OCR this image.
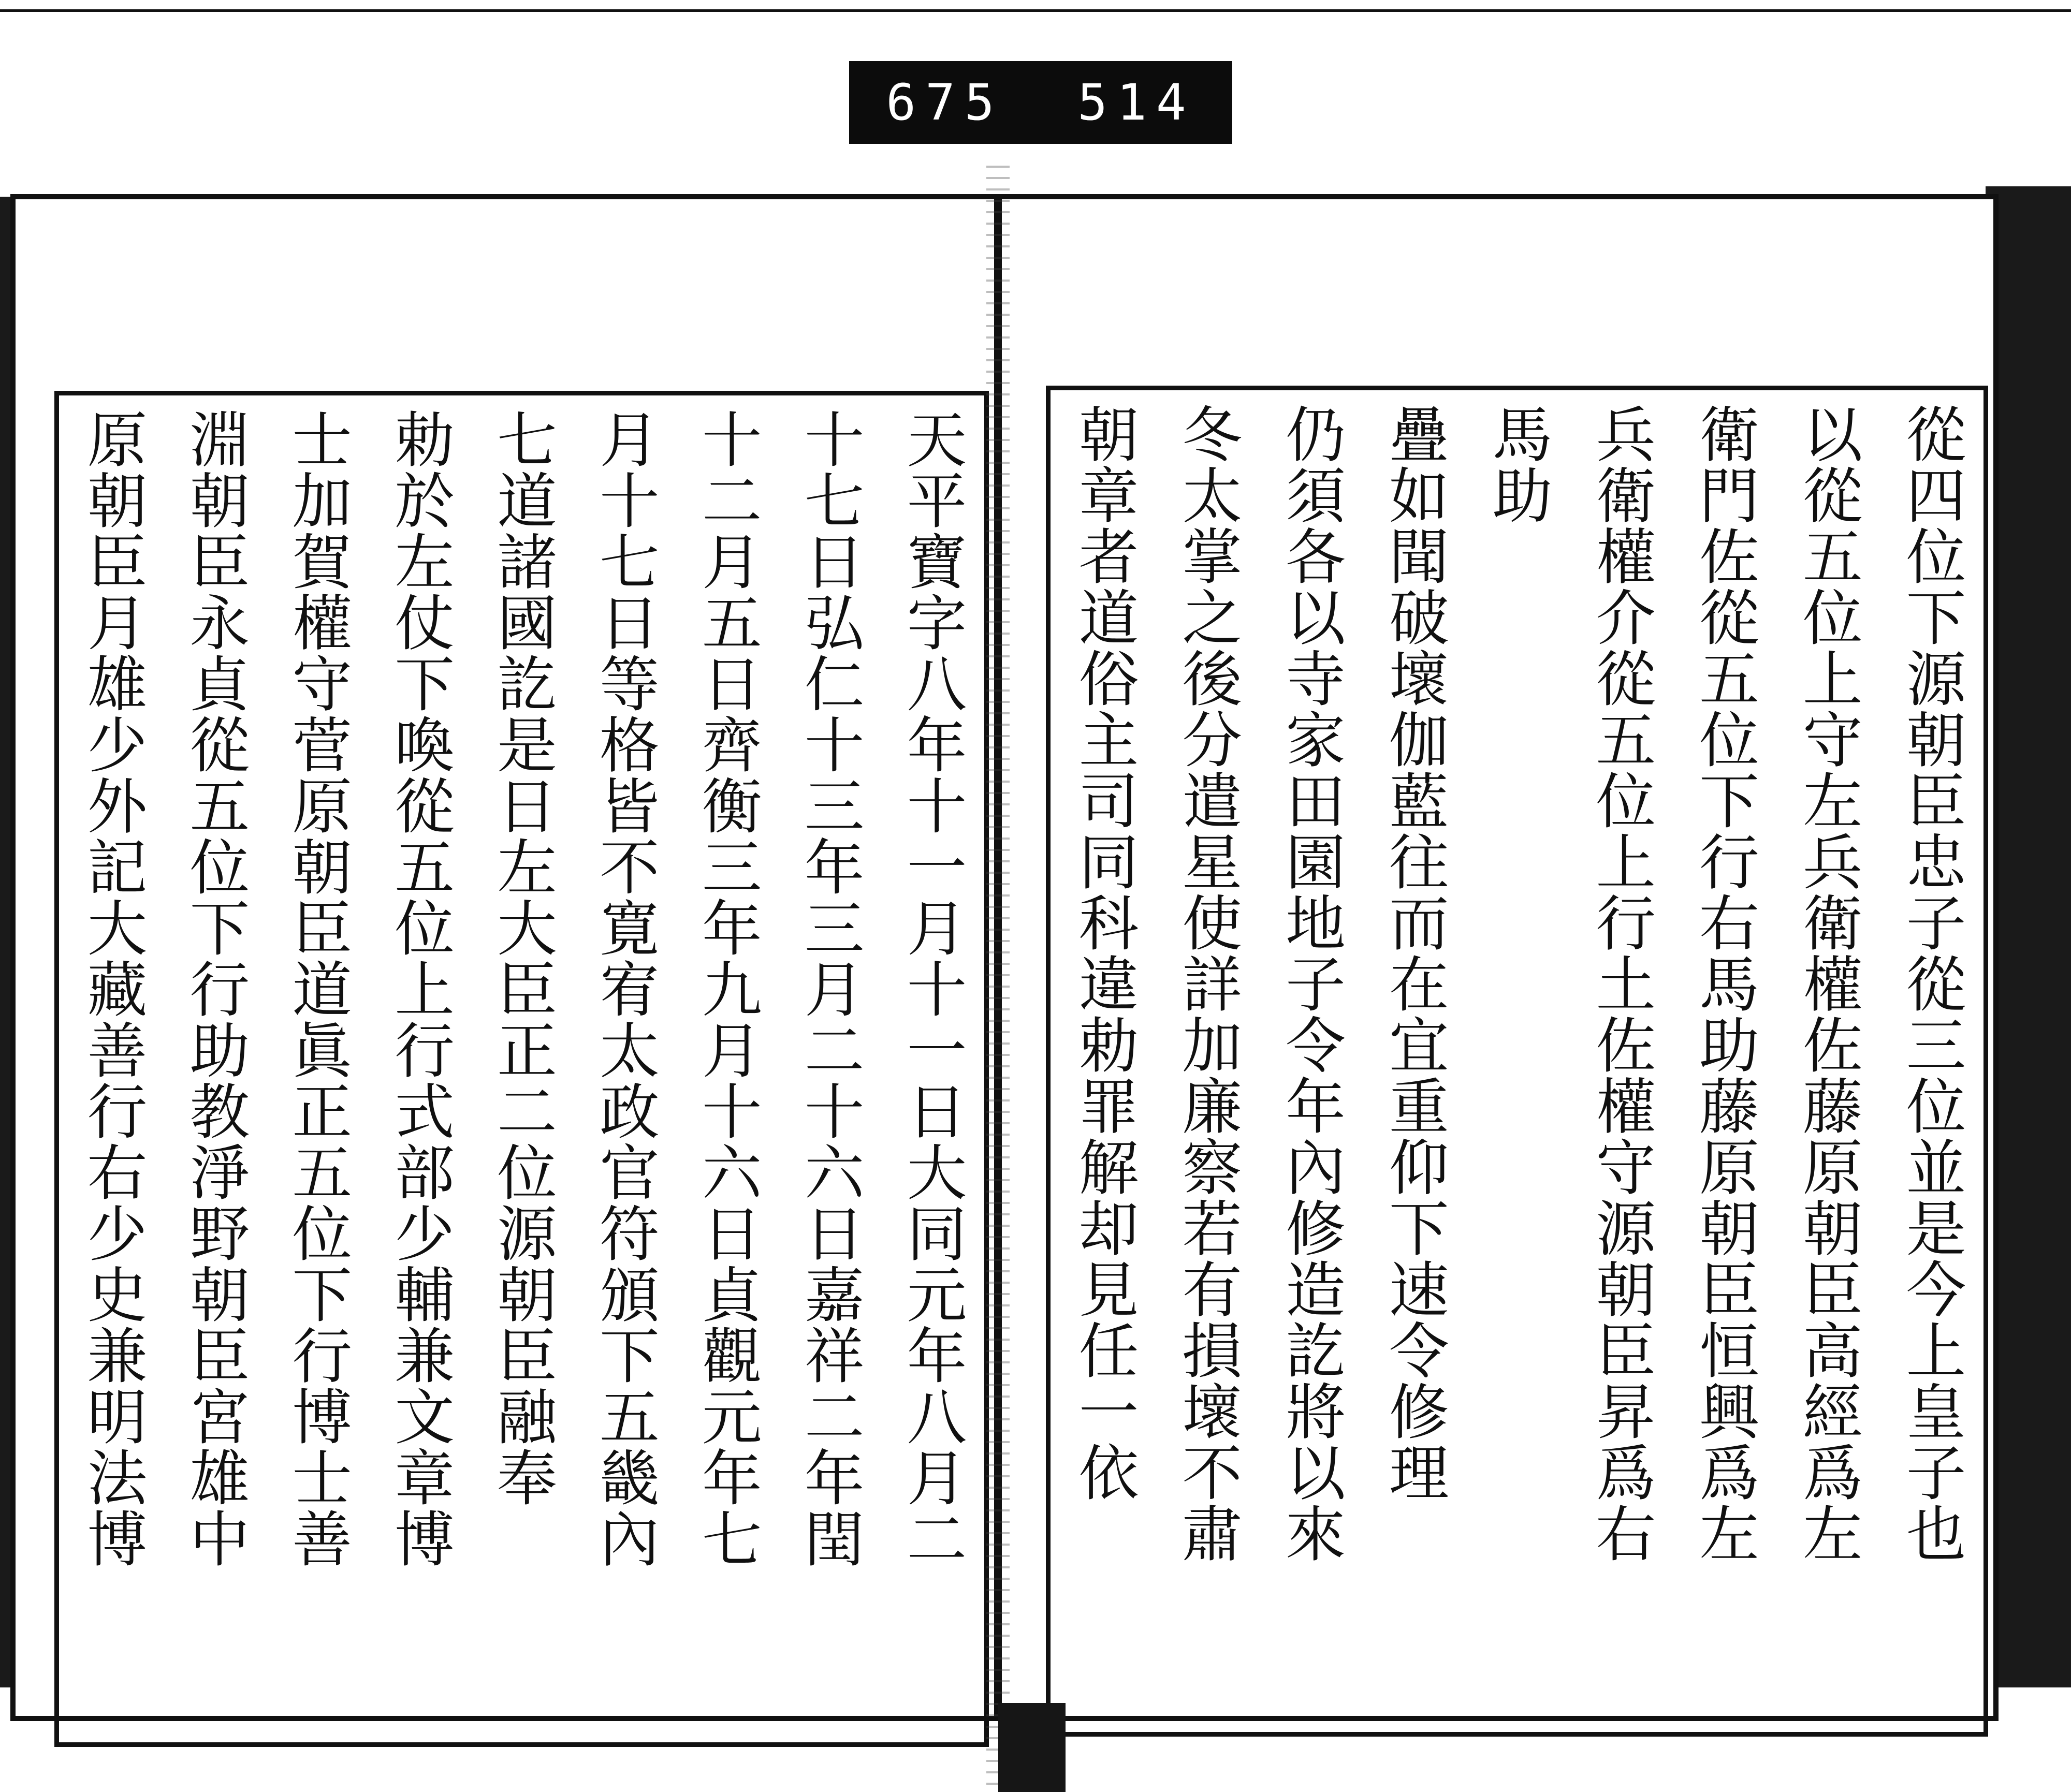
675 514
天平寶字八年十一月十一日大同元年八月二
十七日弘仁十三年三月二十六日嘉祥二年閏
十二月五日齊衡三年九月十六日貞觀元年七
月十七日等格皆不寛宥太政官符頒下五畿內
七道諸國訖是日左大臣正二位源朝臣融奉
勅於左仗下喚從五位上行式部少輔兼文章博
士加賀權守菅原朝臣道眞正五位下行博士善
淵朝臣永貞從五位下行助教淨野朝臣宮雄中
原朝臣月雄少外記大藏善行右少史兼明法博	從四位下源朝臣忠子從三位並是今上皇子也
以從五位上守左兵衛權佐藤原朝臣高經爲左
衛門佐從五位下行右馬助藤原朝臣恒興爲左
兵衛權介從五位上行土佐權守源朝臣昇爲右
馬助
疊如聞破壞伽藍往而在宜重仰下速令修理
仍須各以寺家田園地子令年內修造訖將以來
冬太掌之後分遣星使詳加廉察若有損壞不肅
朝章者道俗主司同科違勅罪解却見任一依
